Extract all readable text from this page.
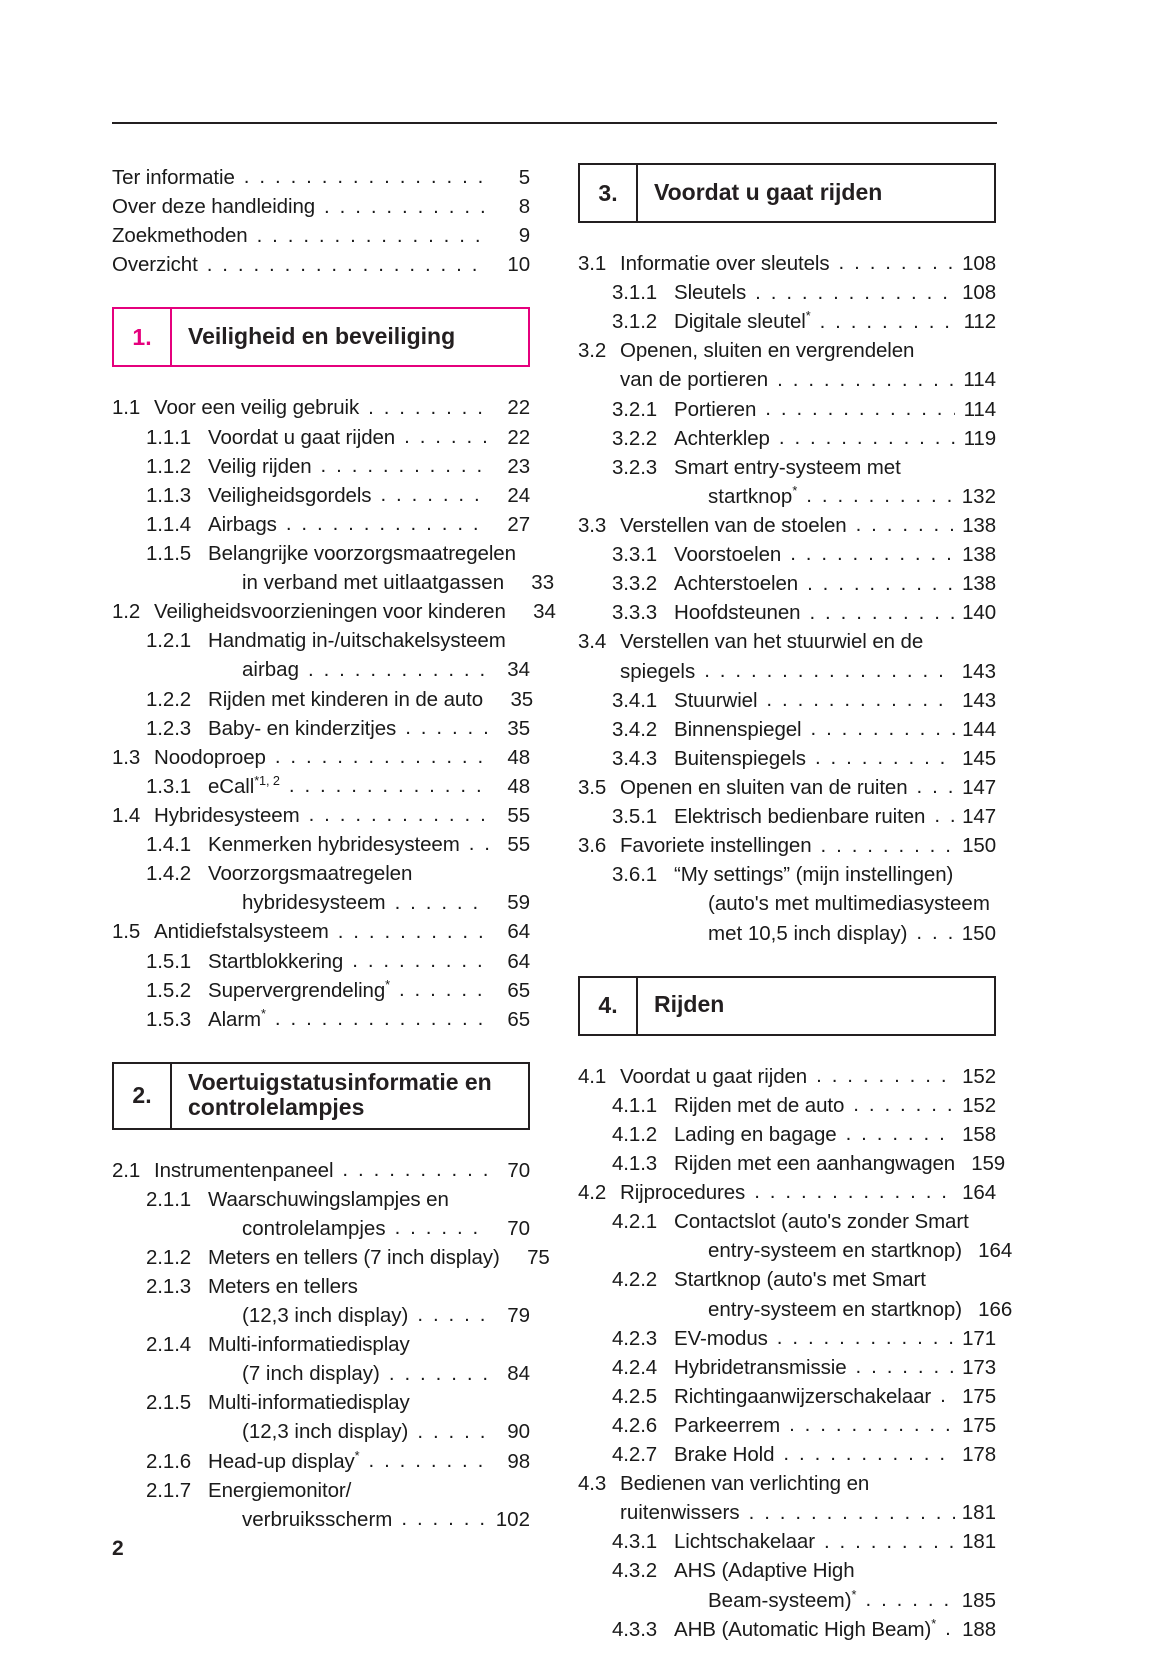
Ter informatie . . .	5
Over deze handleiding . . .	8
Zoekmethoden . . .	9
Overzicht . . .	10
1.	Veiligheid en beveiliging
1.1 Voor een veilig gebruik . . .	22
1.1.1 Voordat u gaat rijden . . .	22
1.1.2 Veilig rijden . . .	23
1.1.3 Veiligheidsgordels . . .	24
1.1.4 Airbags . . .	27
1.1.5 Belangrijke voorzorgsmaatregelen
in verband met uitlaatgassen	33
1.2 Veiligheidsvoorzieningen voor kinderen	34
1.2.1 Handmatig in-/uitschakelsysteem
airbag . . .	34
1.2.2 Rijden met kinderen in de auto	35
1.2.3 Baby- en kinderzitjes . . .	35
1.3 Noodoproep . . .	48
1.3.1 eCall$^{*1, 2}$ . . .	48
1.4 Hybridesysteem . . .	55
1.4.1 Kenmerken hybridesysteem . . .	55
1.4.2 Voorzorgsmaatregelen
hybridesysteem . . .	59
1.5 Antidiefstalsysteem . . .	64
1.5.1 Startblokkering . . .	64
1.5.2 Supervergrendeling* . . .	65
1.5.3 Alarm* . . .	65
2.
Voertuigstatusinformatie en
controlelampjes
2.1 Instrumentenpaneel . . .	70
2.1.1 Waarschuwingslampjes en
controlelampjes . . .	70
2.1.2 Meters en tellers (7 inch display)	75
2.1.3 Meters en tellers
(12,3 inch display) . . .	79
2.1.4 Multi-informatiedisplay
(7 inch display) . . .	84
2.1.5 Multi-informatiedisplay
(12,3 inch display) . . .	90
2.1.6 Head-up display* . . .	98
2.1.7 Energiemonitor/
verbruiksscherm . . .	102
3.	Voordat u gaat rijden
3.1 Informatie over sleutels . . .	108
3.1.1 Sleutels . . .	108
3.1.2 Digitale sleutel* . . .	112
3.2 Openen, sluiten en vergrendelen
van de portieren . . .	114
3.2.1 Portieren . . .	114
3.2.2 Achterklep . . .	119
3.2.3 Smart entry-systeem met
startknop* . . .	132
3.3 Verstellen van de stoelen . . .	138
3.3.1 Voorstoelen . . .	138
3.3.2 Achterstoelen . . .	138
3.3.3 Hoofdsteunen . . .	140
3.4 Verstellen van het stuurwiel en de
spiegels . . .	143
3.4.1 Stuurwiel . . .	143
3.4.2 Binnenspiegel . . .	144
3.4.3 Buitenspiegels . . .	145
3.5 Openen en sluiten van de ruiten . . .	147
3.5.1 Elektrisch bedienbare ruiten . . . 147
3.6 Favoriete instellingen . . .	150
3.6.1 “My settings” (mijn instellingen)
(auto's met multimediasysteem
met 10,5 inch display) . . .	150
4.	Rijden
4.1 Voordat u gaat rijden . . .	152
4.1.1 Rijden met de auto . . .	152
4.1.2 Lading en bagage . . .	158
4.1.3 Rijden met een aanhangwagen 159
4.2 Rijprocedures . . .	164
4.2.1 Contactslot (auto's zonder Smart
entry-systeem en startknop) 164
4.2.2 Startknop (auto's met Smart
entry-systeem en startknop) 166
4.2.3 EV-modus . . .	171
4.2.4 Hybridetransmissie . . .	173
4.2.5 Richtingaanwijzerschakelaar . . . 175
4.2.6 Parkeerrem . . .	175
4.2.7 Brake Hold . . .	178
4.3 Bedienen van verlichting en
ruitenwissers . . .	181
4.3.1 Lichtschakelaar . . .	181
4.3.2 AHS (Adaptive High
Beam-systeem)* . . .	185
4.3.3 AHB (Automatic High Beam)* . . . 188
2
